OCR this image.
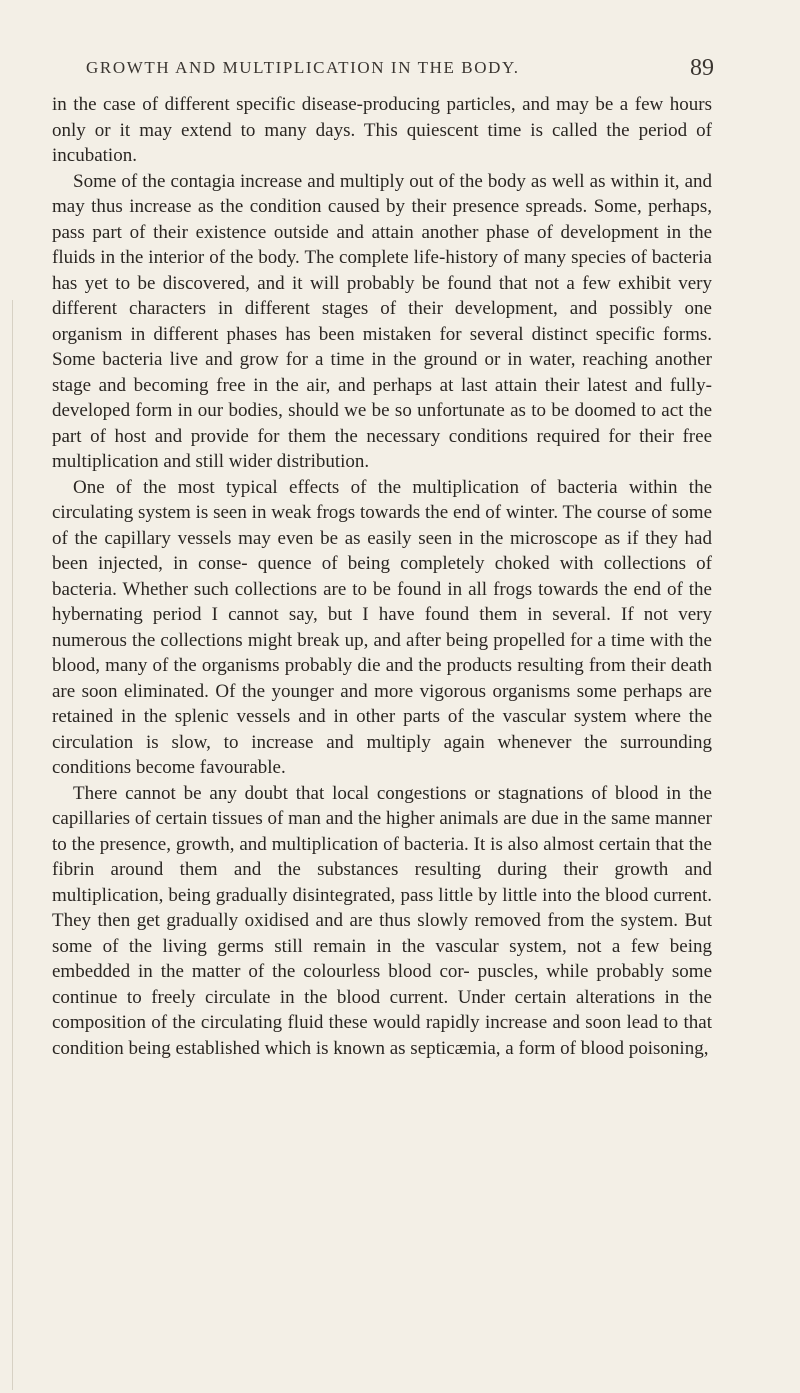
GROWTH AND MULTIPLICATION IN THE BODY.	89

in the case of different specific disease-producing particles, and may be a few hours only or it may extend to many days. This quiescent time is called the period of incubation.

Some of the contagia increase and multiply out of the body as well as within it, and may thus increase as the condition caused by their presence spreads. Some, perhaps, pass part of their existence outside and attain another phase of development in the fluids in the interior of the body. The complete life-history of many species of bacteria has yet to be discovered, and it will probably be found that not a few exhibit very different characters in different stages of their development, and possibly one organism in different phases has been mistaken for several distinct specific forms. Some bacteria live and grow for a time in the ground or in water, reaching another stage and becoming free in the air, and perhaps at last attain their latest and fully-developed form in our bodies, should we be so unfortunate as to be doomed to act the part of host and provide for them the necessary conditions required for their free multiplication and still wider distribution.

One of the most typical effects of the multiplication of bacteria within the circulating system is seen in weak frogs towards the end of winter. The course of some of the capillary vessels may even be as easily seen in the microscope as if they had been injected, in conse- quence of being completely choked with collections of bacteria. Whether such collections are to be found in all frogs towards the end of the hybernating period I cannot say, but I have found them in several. If not very numerous the collections might break up, and after being propelled for a time with the blood, many of the organisms probably die and the products resulting from their death are soon eliminated. Of the younger and more vigorous organisms some perhaps are retained in the splenic vessels and in other parts of the vascular system where the circulation is slow, to increase and multiply again whenever the surrounding conditions become favourable.

There cannot be any doubt that local congestions or stagnations of blood in the capillaries of certain tissues of man and the higher animals are due in the same manner to the presence, growth, and multiplication of bacteria. It is also almost certain that the fibrin around them and the substances resulting during their growth and multiplication, being gradually disintegrated, pass little by little into the blood current. They then get gradually oxidised and are thus slowly removed from the system. But some of the living germs still remain in the vascular system, not a few being embedded in the matter of the colourless blood cor- puscles, while probably some continue to freely circulate in the blood current. Under certain alterations in the composition of the circulating fluid these would rapidly increase and soon lead to that condition being established which is known as septicæmia, a form of blood poisoning,
